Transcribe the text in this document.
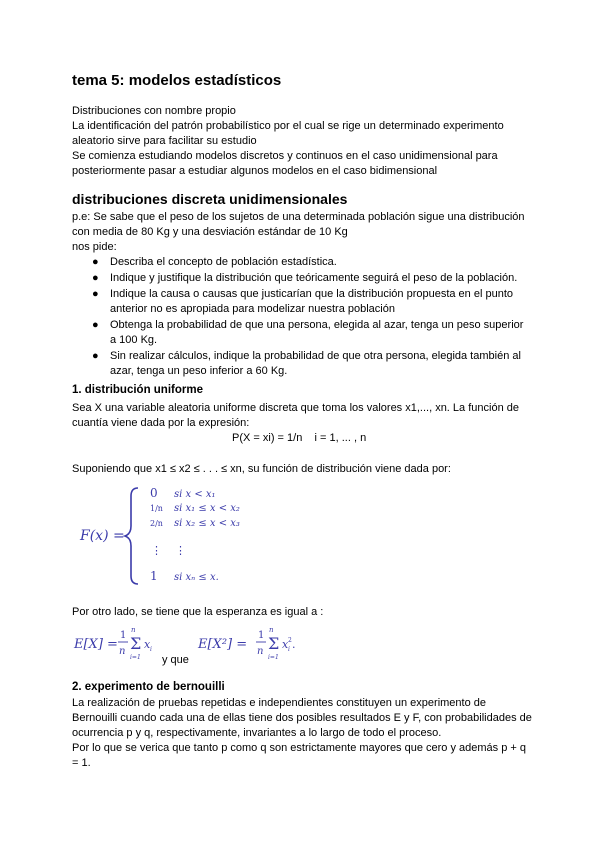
tema 5: modelos estadísticos
Distribuciones con nombre propio
La identificación del patrón probabilístico por el cual se rige un determinado experimento aleatorio sirve para facilitar su estudio
Se comienza estudiando modelos discretos y continuos en el caso unidimensional para posteriormente pasar a estudiar algunos modelos en el caso bidimensional
distribuciones discreta unidimensionales
p.e: Se sabe que el peso de los sujetos de una determinada población sigue una distribución con media de 80 Kg y una desviación estándar de 10 Kg
nos pide:
● Describa el concepto de población estadística.
● Indique y justifique la distribución que teóricamente seguirá el peso de la población.
● Indique la causa o causas que justicarían que la distribución propuesta en el punto anterior no es apropiada para modelizar nuestra población
● Obtenga la probabilidad de que una persona, elegida al azar, tenga un peso superior a 100 Kg.
● Sin realizar cálculos, indique la probabilidad de que otra persona, elegida también al azar, tenga un peso inferior a 60 Kg.
1. distribución uniforme
Sea X una variable aleatoria uniforme discreta que toma los valores x1,..., xn. La función de cuantía viene dada por la expresión:
P(X = xi) = 1/n    i = 1, ... , n
Suponiendo que x1 ≤ x2 ≤ . . . ≤ xn, su función de distribución viene dada por:
F(x) =
0 si x < x₁
1/n si x₁ ≤ x < x₂
2/n si x₂ ≤ x < x₃
⋮ ⋮
1 si xₙ ≤ x.
Por otro lado, se tiene que la esperanza es igual a :
E[X] =
1
n
n
Σ
i=1
x i	E[X²] =
1
n
n
Σ
i=1
x i
2 .
y que
2. experimento de bernouilli
La realización de pruebas repetidas e independientes constituyen un experimento de Bernouilli cuando cada una de ellas tiene dos posibles resultados E y F, con probabilidades de ocurrencia p y q, respectivamente, invariantes a lo largo de todo el proceso.
Por lo que se verica que tanto p como q son estrictamente mayores que cero y además p + q = 1.
